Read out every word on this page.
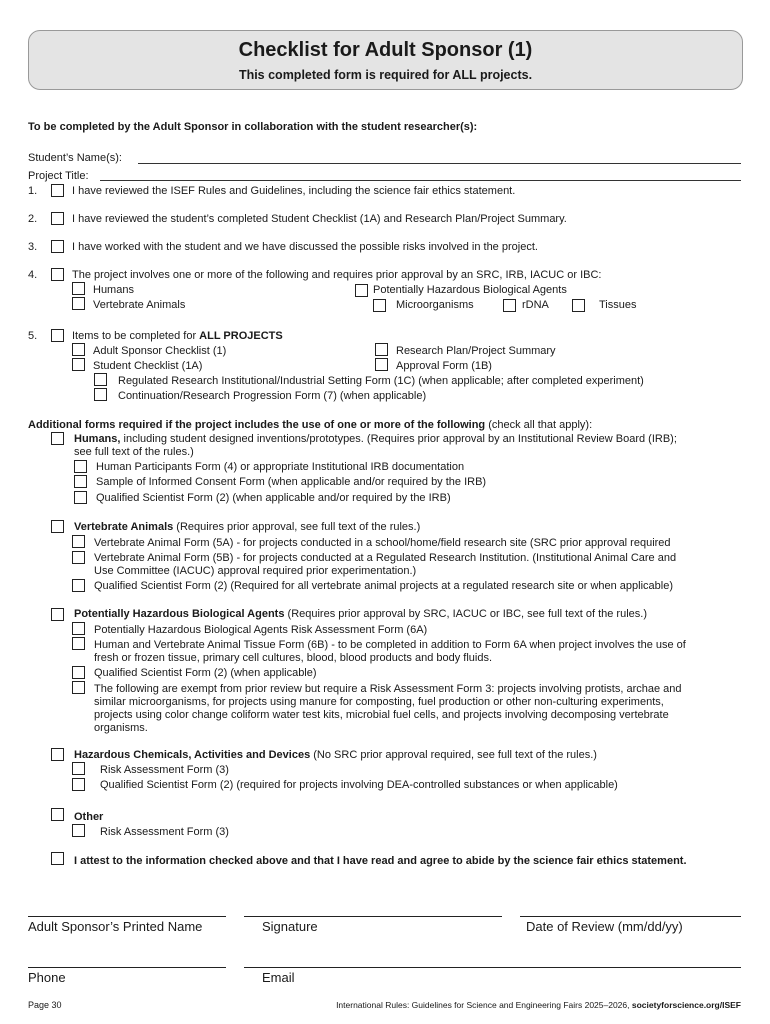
Checklist for Adult Sponsor (1)
This completed form is required for ALL projects.
To be completed by the Adult Sponsor in collaboration with the student researcher(s):
Student’s Name(s):
Project Title:
1.	I have reviewed the ISEF Rules and Guidelines, including the science fair ethics statement.
2.	I have reviewed the student’s completed Student Checklist (1A) and Research Plan/Project Summary.
3.	I have worked with the student and we have discussed the possible risks involved in the project.
4.	The project involves one or more of the following and requires prior approval by an SRC, IRB, IACUC or IBC:
Humans	Potentially Hazardous Biological Agents
Vertebrate Animals	Microorganisms	rDNA	Tissues
5.	Items to be completed for ALL PROJECTS
Adult Sponsor Checklist (1)	Research Plan/Project Summary
Student Checklist (1A)	Approval Form (1B)
Regulated Research Institutional/Industrial Setting Form (1C) (when applicable; after completed experiment)
Continuation/Research Progression Form (7) (when applicable)
Additional forms required if the project includes the use of one or more of the following (check all that apply):
Humans, including student designed inventions/prototypes. (Requires prior approval by an Institutional Review Board (IRB);
see full text of the rules.)
Human Participants Form (4) or appropriate Institutional IRB documentation
Sample of Informed Consent Form (when applicable and/or required by the IRB)
Qualified Scientist Form (2) (when applicable and/or required by the IRB)
Vertebrate Animals (Requires prior approval, see full text of the rules.)
Vertebrate Animal Form (5A) - for projects conducted in a school/home/field research site (SRC prior approval required
Vertebrate Animal Form (5B) - for projects conducted at a Regulated Research Institution. (Institutional Animal Care and
Use Committee (IACUC) approval required prior experimentation.)
Qualified Scientist Form (2) (Required for all vertebrate animal projects at a regulated research site or when applicable)
Potentially Hazardous Biological Agents (Requires prior approval by SRC, IACUC or IBC, see full text of the rules.)
Potentially Hazardous Biological Agents Risk Assessment Form (6A)
Human and Vertebrate Animal Tissue Form (6B) - to be completed in addition to Form 6A when project involves the use of
fresh or frozen tissue, primary cell cultures, blood, blood products and body fluids.
Qualified Scientist Form (2) (when applicable)
The following are exempt from prior review but require a Risk Assessment Form 3: projects involving protists, archae and
similar microorganisms, for projects using manure for composting, fuel production or other non-culturing experiments,
projects using color change coliform water test kits, microbial fuel cells, and projects involving decomposing vertebrate
organisms.
Hazardous Chemicals, Activities and Devices (No SRC prior approval required, see full text of the rules.)
Risk Assessment Form (3)
Qualified Scientist Form (2) (required for projects involving DEA-controlled substances or when applicable)
Other
Risk Assessment Form (3)
I attest to the information checked above and that I have read and agree to abide by the science fair ethics statement.
Adult Sponsor’s Printed Name	Signature	Date of Review (mm/dd/yy)
Phone	Email
Page 30	International Rules: Guidelines for Science and Engineering Fairs 2025–2026, societyforscience.org/ISEF
